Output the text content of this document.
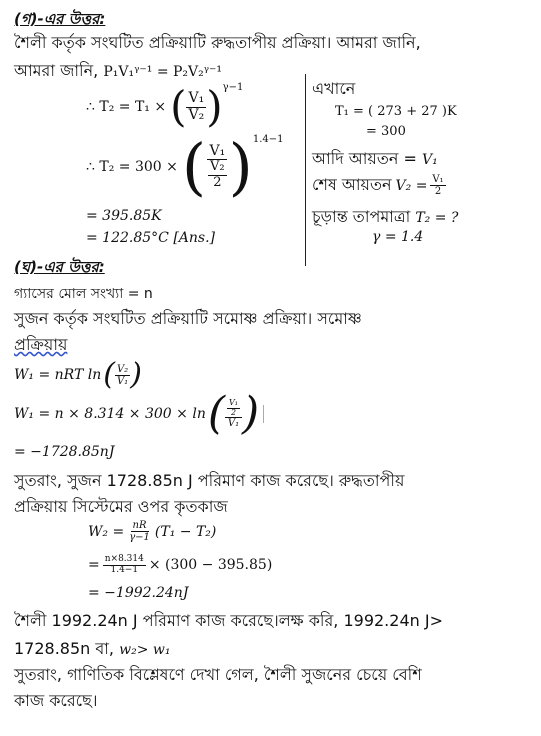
(গ)-এর উত্তর:
শৈলী কর্তৃক সংঘটিত প্রক্রিয়াটি রুদ্ধতাপীয় প্রক্রিয়া। আমরা জানি,
আমরা জানি, P₁V₁ᵞ⁻¹ = P₂V₂ᵞ⁻¹
∴ T₂ = T₁ × ( $\frac{\text{V₁}}{\text{V₂}}$ ) γ−1
∴ T₂ = 300 × ( $\frac{\text{V₁}}{\frac{\text{V₂}}{2}}$ ) 1.4−1
= 395.85K
= 122.85°C [Ans.]
এখানে
T₁ = ( 273 + 27 )K
= 300
আদি আয়তন = V₁
শেষ আয়তন $V_2 = \frac{\text{V₁}}{2}$
চূড়ান্ত তাপমাত্রা T₂ = ?
γ = 1.4
(ঘ)-এর উত্তর:
গ্যাসের মোল সংখ্যা = n
সুজন কর্তৃক সংঘটিত প্রক্রিয়াটি সমোষ্ণ প্রক্রিয়া। সমোষ্ণ
প্রক্রিয়ায়
W₁ = nRT ln ( $\frac{\text{V₂}}{\text{V₁}}$ )
W₁ = n × 8.314 × 300 × ln ( $\frac{\frac{\text{V₁}}{2}}{\text{V₁}}$ )
= −1728.85nJ
সুতরাং, সুজন 1728.85n J পরিমাণ কাজ করেছে। রুদ্ধতাপীয়
প্রক্রিয়ায় সিস্টেমের ওপর কৃতকাজ
$W_2 = \frac{nR}{\gamma-1} (T_1 - T_2)$
= $\frac{n\times 8.314}{1.4-1} \times (300 - 395.85)$
= −1992.24nJ
শৈলী 1992.24n J পরিমাণ কাজ করেছে।লক্ষ করি, 1992.24n J>
1728.85n বা, w₂> w₁
সুতরাং, গাণিতিক বিশ্লেষণে দেখা গেল, শৈলী সুজনের চেয়ে বেশি
কাজ করেছে।
